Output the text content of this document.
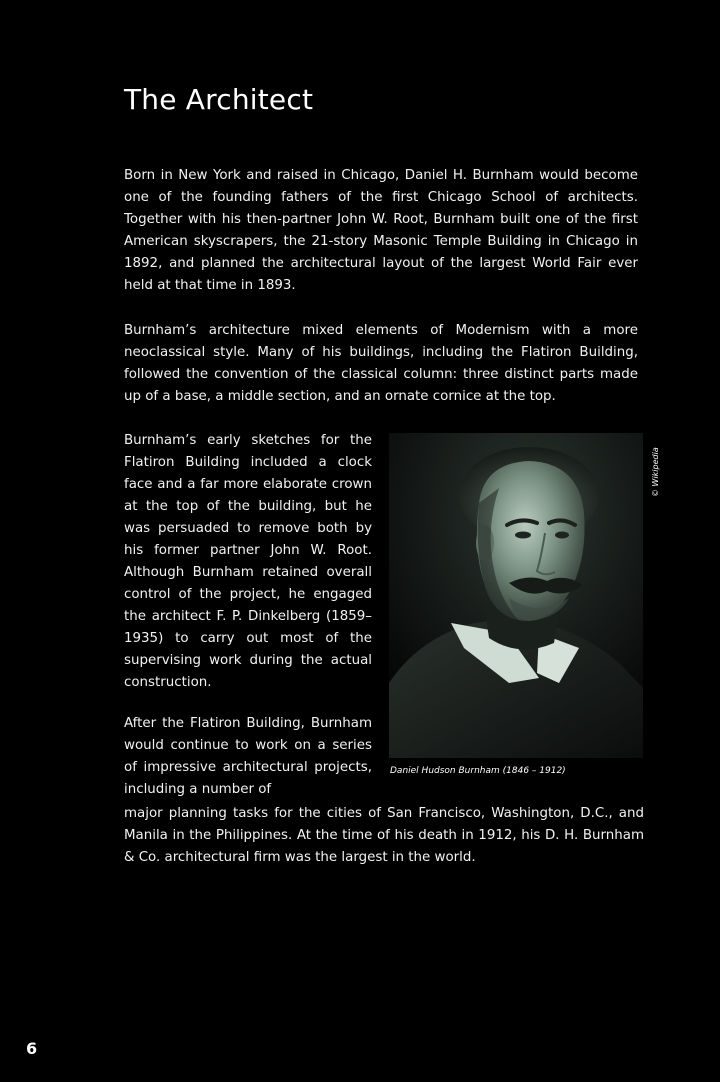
The Architect

Born in New York and raised in Chicago, Daniel H. Burnham would become one of the founding fathers of the first Chicago School of architects. Together with his then-partner John W. Root, Burnham built one of the first American skyscrapers, the 21-story Masonic Temple Building in Chicago in 1892, and planned the architectural layout of the largest World Fair ever held at that time in 1893.

Burnham’s architecture mixed elements of Modernism with a more neoclassical style. Many of his buildings, including the Flatiron Building, followed the convention of the classical column: three distinct parts made up of a base, a middle section, and an ornate cornice at the top.

Burnham’s early sketches for the Flatiron Building included a clock face and a far more elaborate crown at the top of the building, but he was persuaded to remove both by his former partner John W. Root. Although Burnham retained overall control of the project, he engaged the architect F. P. Dinkelberg (1859–1935) to carry out most of the supervising work during the actual construction.

After the Flatiron Building, Burnham would continue to work on a series of impressive architectural projects, including a number of

major planning tasks for the cities of San Francisco, Washington, D.C., and Manila in the Philippines. At the time of his death in 1912, his D. H. Burnham & Co. architectural firm was the largest in the world.

Daniel Hudson Burnham (1846 – 1912)
© Wikipedia
6
